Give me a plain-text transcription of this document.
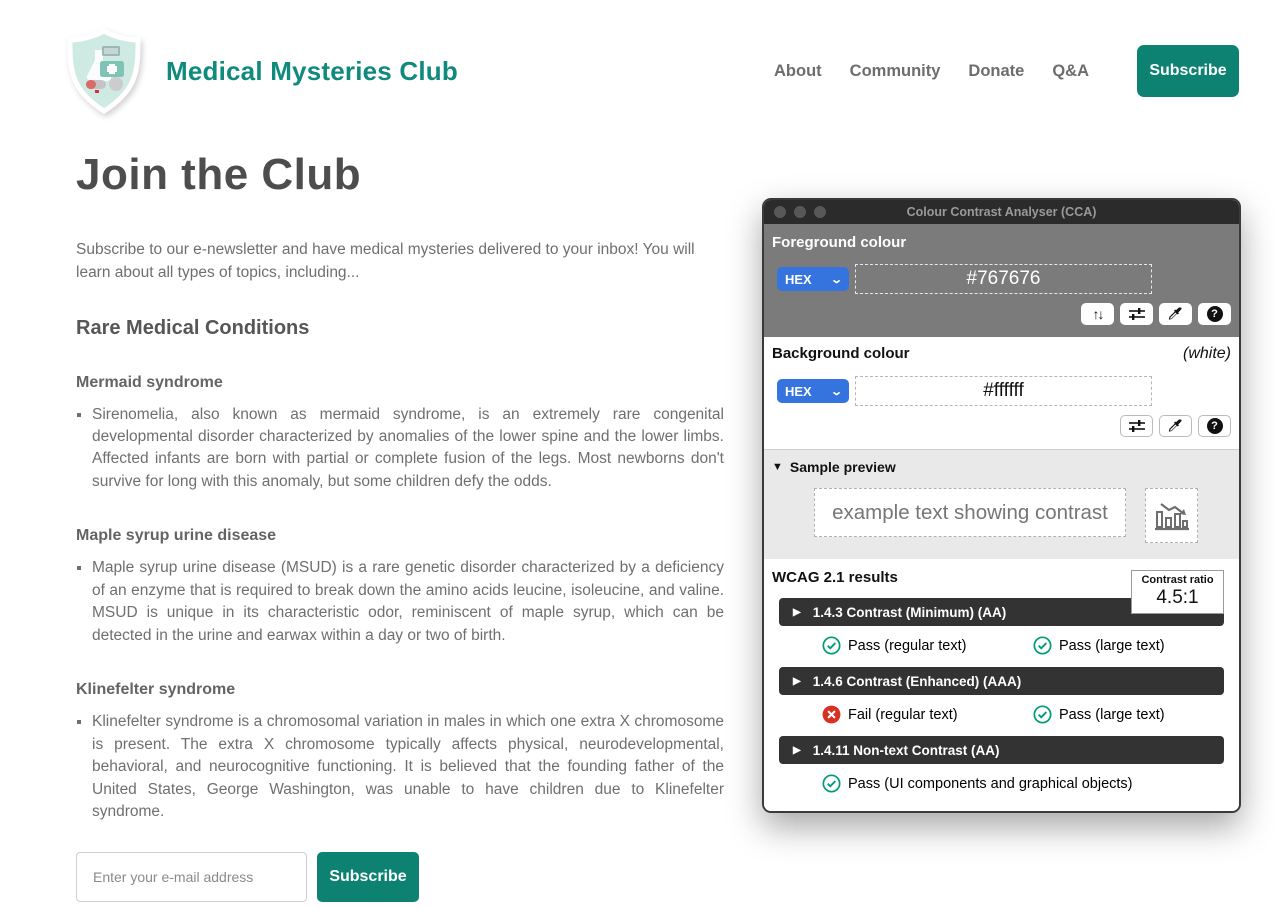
Medical Mysteries Club	About Community Donate Q&A	Subscribe
Join the Club

Subscribe to our e-newsletter and have medical mysteries delivered to your inbox! You will learn about all types of topics, including...

Rare Medical Conditions
Mermaid syndrome
▪ Sirenomelia, also known as mermaid syndrome, is an extremely rare congenital developmental disorder characterized by anomalies of the lower spine and the lower limbs. Affected infants are born with partial or complete fusion of the legs. Most newborns don't survive for long with this anomaly, but some children defy the odds.
Maple syrup urine disease
▪ Maple syrup urine disease (MSUD) is a rare genetic disorder characterized by a deficiency of an enzyme that is required to break down the amino acids leucine, isoleucine, and valine. MSUD is unique in its characteristic odor, reminiscent of maple syrup, which can be detected in the urine and earwax within a day or two of birth.
Klinefelter syndrome
▪ Klinefelter syndrome is a chromosomal variation in males in which one extra X chromosome is present. The extra X chromosome typically affects physical, neurodevelopmental, behavioral, and neurocognitive functioning. It is believed that the founding father of the United States, George Washington, was unable to have children due to Klinefelter syndrome.
Enter your e-mail address
Subscribe
Colour Contrast Analyser (CCA)
Foreground colour
HEX ⌄
#767676
↑↓	?
Background colour	(white)
HEX ⌄
#ffffff
?
▼ Sample preview
example text showing contrast
WCAG 2.1 results	Contrast ratio
4.5:1
▶ 1.4.3 Contrast (Minimum) (AA)
Pass (regular text)	Pass (large text)
▶ 1.4.6 Contrast (Enhanced) (AAA)
Fail (regular text)	Pass (large text)
▶ 1.4.11 Non-text Contrast (AA)
Pass (UI components and graphical objects)
